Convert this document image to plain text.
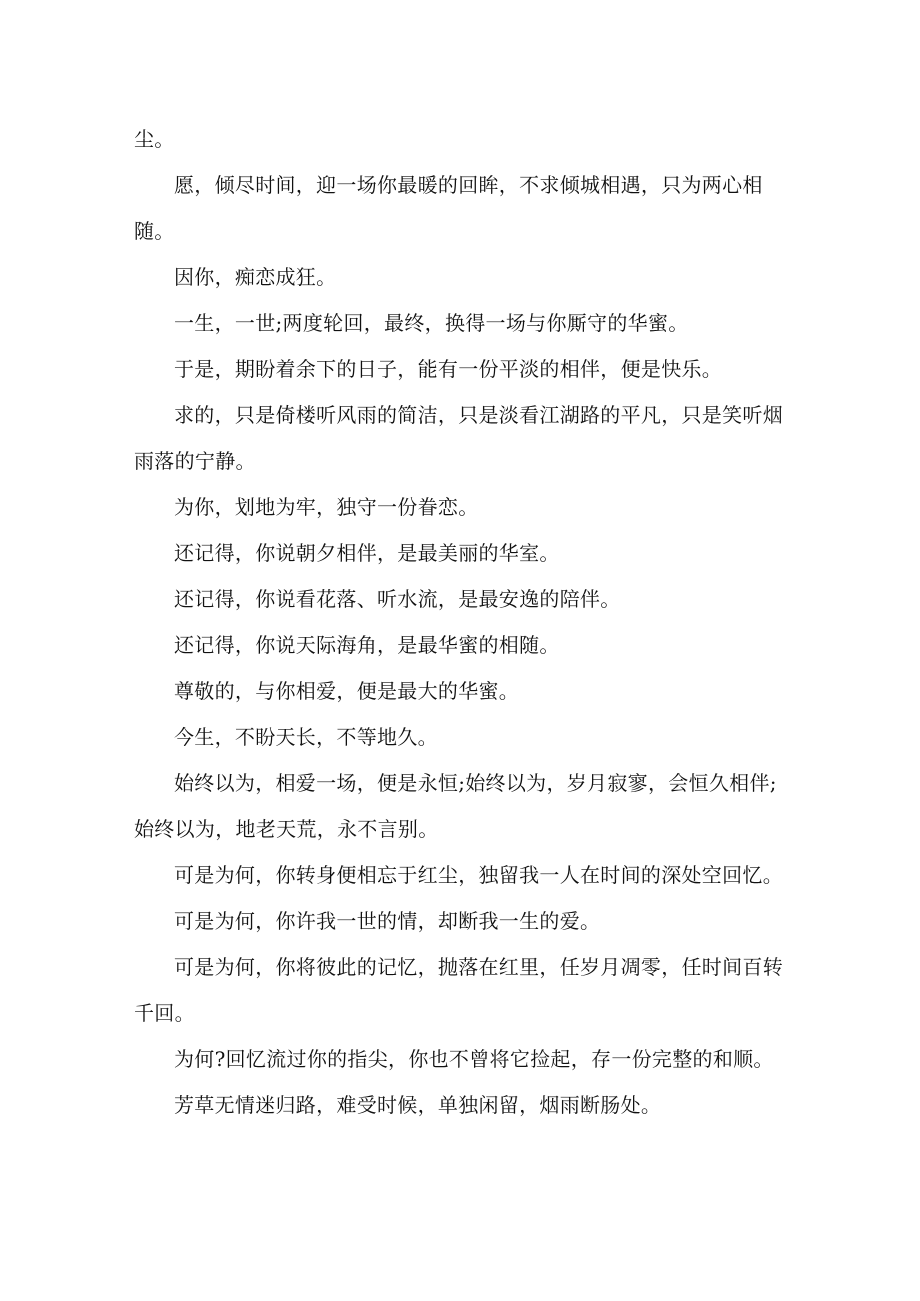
尘。

愿，倾尽时间，迎一场你最暖的回眸，不求倾城相遇，只为两心相随。

因你，痴恋成狂。

一生，一世;两度轮回，最终，换得一场与你厮守的华蜜。

于是，期盼着余下的日子，能有一份平淡的相伴，便是快乐。

求的，只是倚楼听风雨的简洁，只是淡看江湖路的平凡，只是笑听烟雨落的宁静。

为你，划地为牢，独守一份眷恋。

还记得，你说朝夕相伴，是最美丽的华室。

还记得，你说看花落、听水流，是最安逸的陪伴。

还记得，你说天际海角，是最华蜜的相随。

尊敬的，与你相爱，便是最大的华蜜。

今生，不盼天长，不等地久。

始终以为，相爱一场，便是永恒;始终以为，岁月寂寥，会恒久相伴;始终以为，地老天荒，永不言别。

可是为何，你转身便相忘于红尘，独留我一人在时间的深处空回忆。

可是为何，你许我一世的情，却断我一生的爱。

可是为何，你将彼此的记忆，抛落在红里，任岁月凋零，任时间百转千回。

为何?回忆流过你的指尖，你也不曾将它捡起，存一份完整的和顺。

芳草无情迷归路，难受时候，单独闲留，烟雨断肠处。
